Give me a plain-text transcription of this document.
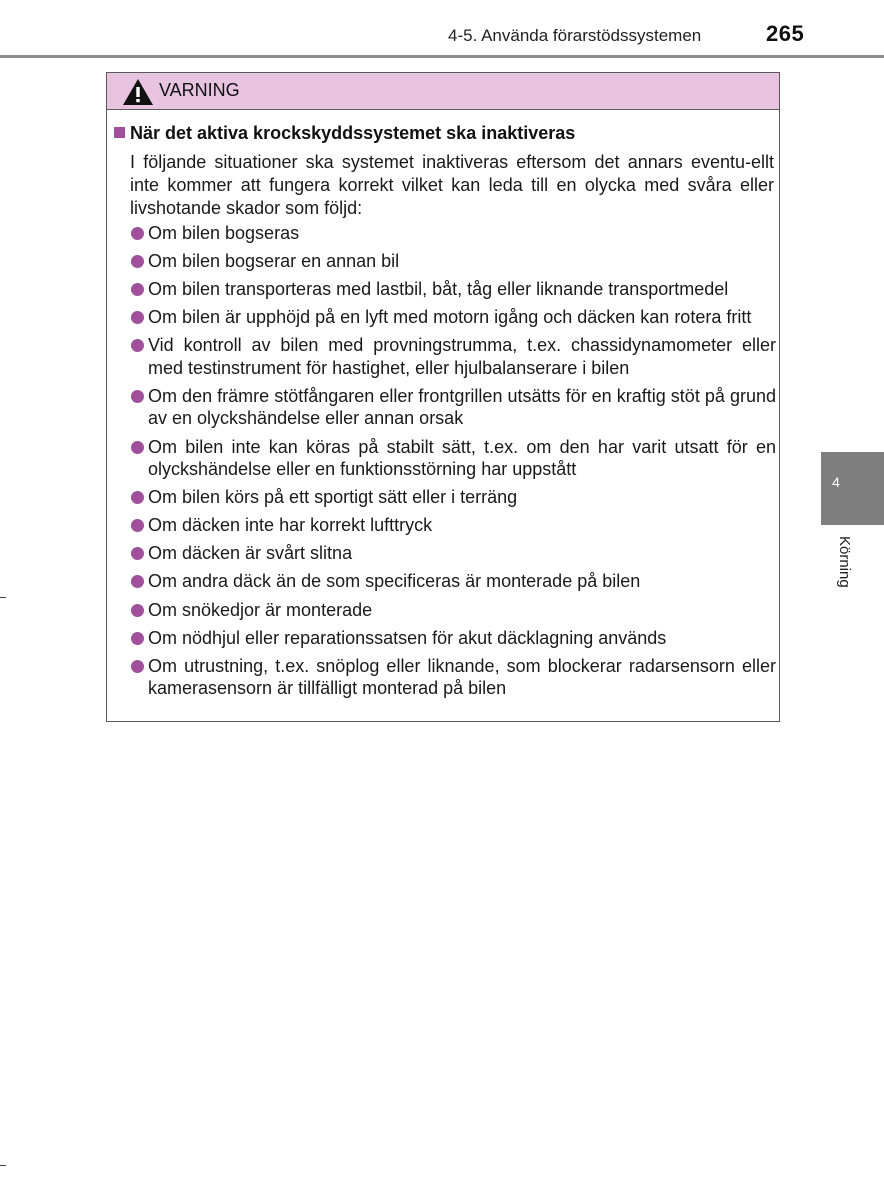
4-5. Använda förarstödssystemen	265
VARNING
När det aktiva krockskyddssystemet ska inaktiveras
I följande situationer ska systemet inaktiveras eftersom det annars eventu-ellt inte kommer att fungera korrekt vilket kan leda till en olycka med svåra eller livshotande skador som följd:
Om bilen bogseras
Om bilen bogserar en annan bil
Om bilen transporteras med lastbil, båt, tåg eller liknande transportmedel
Om bilen är upphöjd på en lyft med motorn igång och däcken kan rotera fritt
Vid kontroll av bilen med provningstrumma, t.ex. chassidynamometer eller med testinstrument för hastighet, eller hjulbalanserare i bilen
Om den främre stötfångaren eller frontgrillen utsätts för en kraftig stöt på grund av en olyckshändelse eller annan orsak
Om bilen inte kan köras på stabilt sätt, t.ex. om den har varit utsatt för en olyckshändelse eller en funktionsstörning har uppstått
Om bilen körs på ett sportigt sätt eller i terräng
Om däcken inte har korrekt lufttryck
Om däcken är svårt slitna
Om andra däck än de som specificeras är monterade på bilen
Om snökedjor är monterade
Om nödhjul eller reparationssatsen för akut däcklagning används
Om utrustning, t.ex. snöplog eller liknande, som blockerar radarsensorn eller kamerasensorn är tillfälligt monterad på bilen
4
Körning
